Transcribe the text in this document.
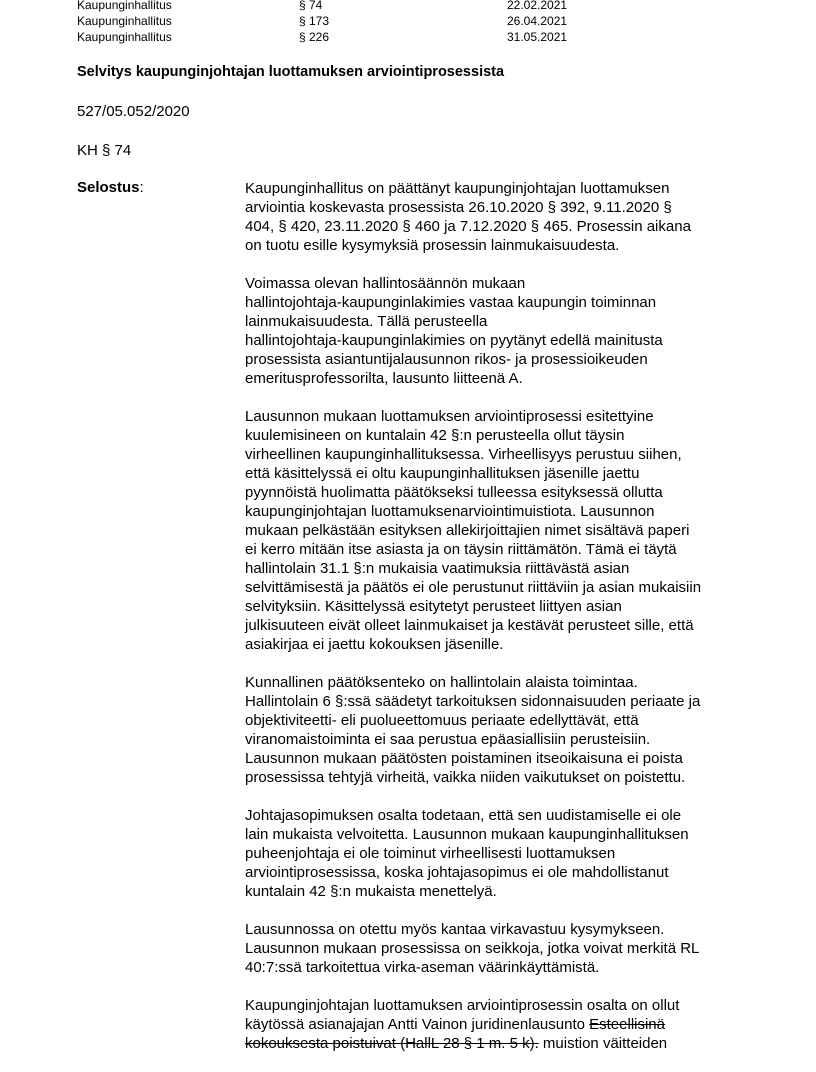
Kaupunginhallitus	§ 74	22.02.2021
Kaupunginhallitus	§ 173	26.04.2021
Kaupunginhallitus	§ 226	31.05.2021
Selvitys kaupunginjohtajan luottamuksen arviointiprosessista
527/05.052/2020
KH § 74
Selostus:	Kaupunginhallitus on päättänyt kaupunginjohtajan luottamuksen
arviointia koskevasta prosessista 26.10.2020 § 392, 9.11.2020 §
404, § 420, 23.11.2020 § 460 ja 7.12.2020 § 465. Prosessin aikana
on tuotu esille kysymyksiä prosessin lainmukaisuudesta.

Voimassa olevan hallintosäännön mukaan
hallintojohtaja-kaupunginlakimies vastaa kaupungin toiminnan
lainmukaisuudesta. Tällä perusteella
hallintojohtaja-kaupunginlakimies on pyytänyt edellä mainitusta
prosessista asiantuntijalausunnon rikos- ja prosessioikeuden
emeritusprofessorilta, lausunto liitteenä A.

Lausunnon mukaan luottamuksen arviointiprosessi esitettyine
kuulemisineen on kuntalain 42 §:n perusteella ollut täysin
virheellinen kaupunginhallituksessa. Virheellisyys perustuu siihen,
että käsittelyssä ei oltu kaupunginhallituksen jäsenille jaettu
pyynnöistä huolimatta päätökseksi tulleessa esityksessä ollutta
kaupunginjohtajan luottamuksenarviointimuistiota. Lausunnon
mukaan pelkästään esityksen allekirjoittajien nimet sisältävä paperi
ei kerro mitään itse asiasta ja on täysin riittämätön. Tämä ei täytä
hallintolain 31.1 §:n mukaisia vaatimuksia riittävästä asian
selvittämisestä ja päätös ei ole perustunut riittäviin ja asian mukaisiin
selvityksiin. Käsittelyssä esitytetyt perusteet liittyen asian
julkisuuteen eivät olleet lainmukaiset ja kestävät perusteet sille, että
asiakirjaa ei jaettu kokouksen jäsenille.

Kunnallinen päätöksenteko on hallintolain alaista toimintaa.
Hallintolain 6 §:ssä säädetyt tarkoituksen sidonnaisuuden periaate ja
objektiviteetti- eli puolueettomuus periaate edellyttävät, että
viranomaistoiminta ei saa perustua epäasiallisiin perusteisiin.
Lausunnon mukaan päätösten poistaminen itseoikaisuna ei poista
prosessissa tehtyjä virheitä, vaikka niiden vaikutukset on poistettu.

Johtajasopimuksen osalta todetaan, että sen uudistamiselle ei ole
lain mukaista velvoitetta. Lausunnon mukaan kaupunginhallituksen
puheenjohtaja ei ole toiminut virheellisesti luottamuksen
arviointiprosessissa, koska johtajasopimus ei ole mahdollistanut
kuntalain 42 §:n mukaista menettelyä.

Lausunnossa on otettu myös kantaa virkavastuu kysymykseen.
Lausunnon mukaan prosessissa on seikkoja, jotka voivat merkitä RL
40:7:ssä tarkoitettua virka-aseman väärinkäyttämistä.

Kaupunginjohtajan luottamuksen arviointiprosessin osalta on ollut
käytössä asianajajan Antti Vainon juridinenlausunto Esteellisinä
kokouksesta poistuivat (HallL 28 § 1 m. 5 k). muistion väitteiden
